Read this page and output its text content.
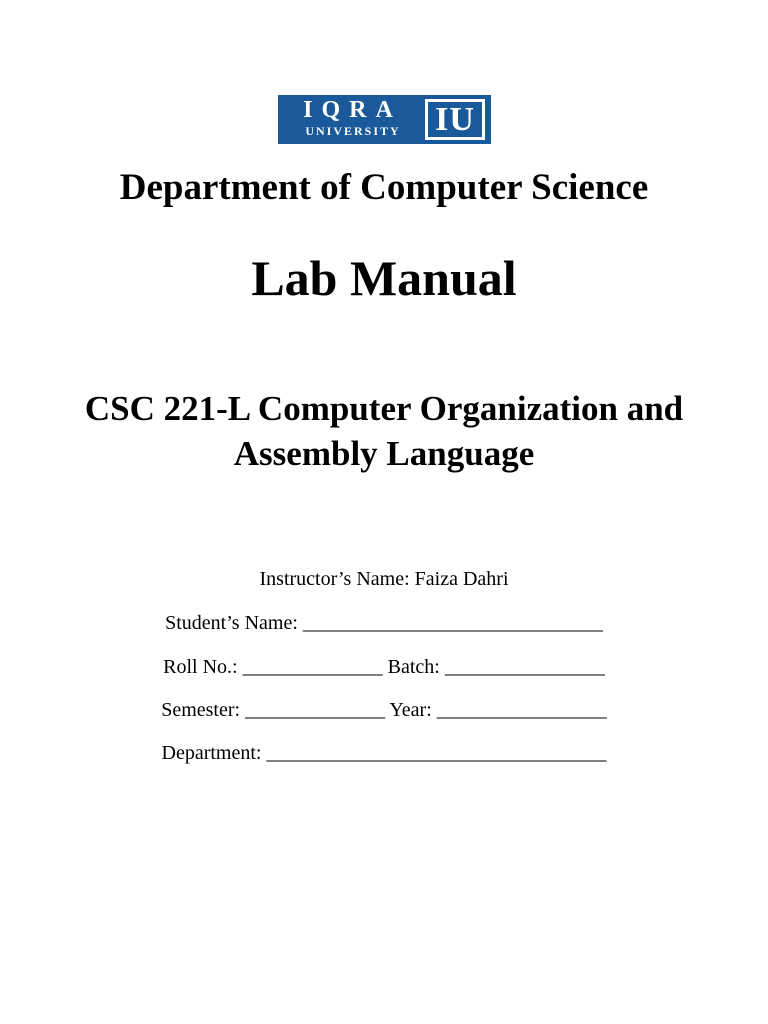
IQRA
UNIVERSITY	IU
Department of Computer Science
Lab Manual
CSC 221-L Computer Organization and Assembly Language
Instructor’s Name: Faiza Dahri
Student’s Name: ______________________________
Roll No.: ______________ Batch: ________________
Semester: ______________ Year: _________________
Department: __________________________________
